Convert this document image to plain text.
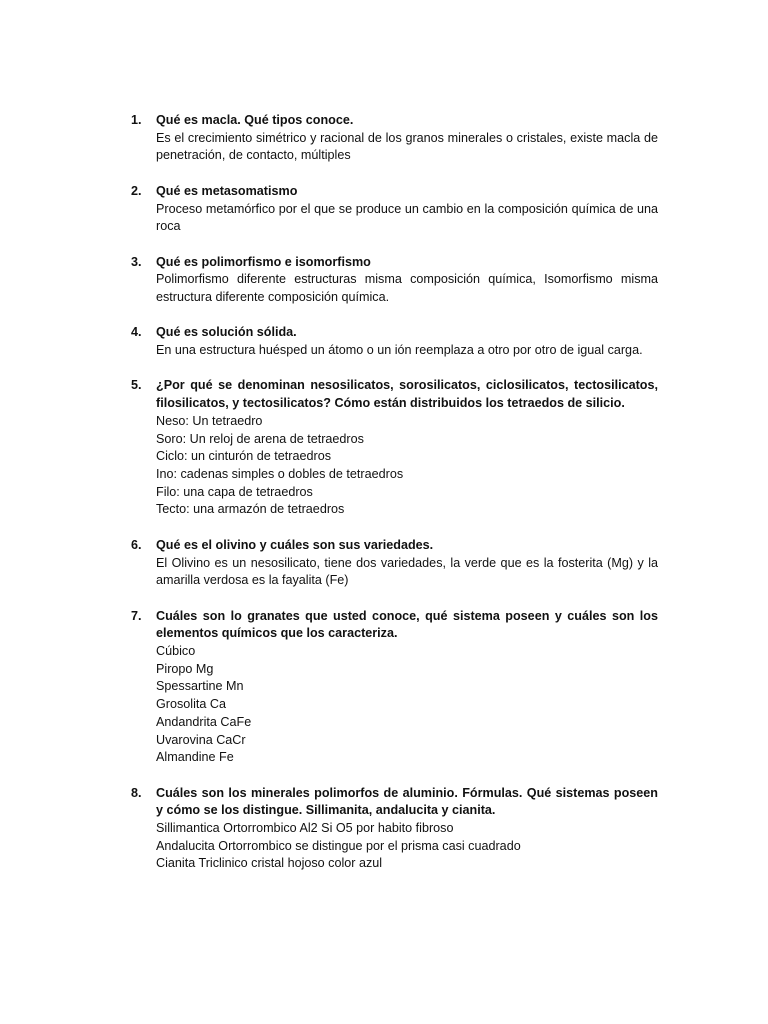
1. Qué es macla. Qué tipos conoce.
Es el crecimiento simétrico y racional de los granos minerales o cristales, existe macla de penetración, de contacto, múltiples
2. Qué es metasomatismo
Proceso metamórfico por el que se produce un cambio en la composición química de una roca
3. Qué es polimorfismo e isomorfismo
Polimorfismo diferente estructuras misma composición química, Isomorfismo misma estructura diferente composición química.
4. Qué es solución sólida.
En una estructura huésped un átomo o un ión reemplaza a otro por otro de igual carga.
5. ¿Por qué se denominan nesosilicatos, sorosilicatos, ciclosilicatos, tectosilicatos, filosilicatos, y tectosilicatos? Cómo están distribuidos los tetraedos de silicio.
Neso: Un tetraedro
Soro: Un reloj de arena de tetraedros
Ciclo: un cinturón de tetraedros
Ino: cadenas simples o dobles de tetraedros
Filo: una capa de tetraedros
Tecto: una armazón de tetraedros
6. Qué es el olivino y cuáles son sus variedades.
El Olivino es un nesosilicato, tiene dos variedades, la verde que es la fosterita (Mg) y la amarilla verdosa es la fayalita (Fe)
7. Cuáles son lo granates que usted conoce, qué sistema poseen y cuáles son los elementos químicos que los caracteriza.
Cúbico
Piropo Mg
Spessartine Mn
Grosolita Ca
Andandrita CaFe
Uvarovina CaCr
Almandine Fe
8. Cuáles son los minerales polimorfos de aluminio. Fórmulas. Qué sistemas poseen y cómo se los distingue. Sillimanita, andalucita y cianita.
Sillimantica Ortorrombico Al2 Si O5 por habito fibroso
Andalucita Ortorrombico se distingue por el prisma casi cuadrado
Cianita Triclinico cristal hojoso color azul
